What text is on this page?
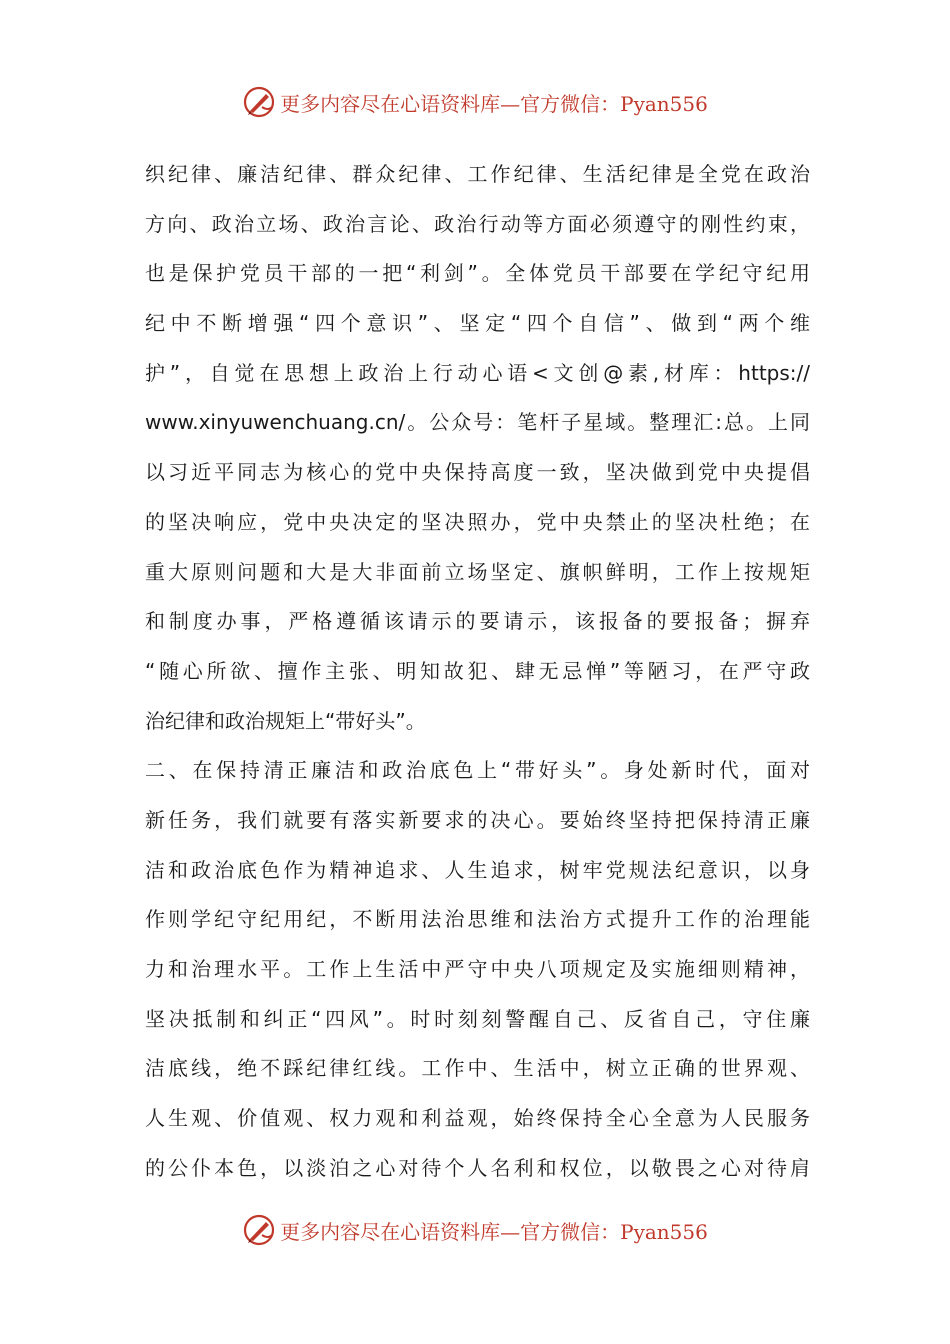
更多内容尽在心语资料库—官方微信：Pyan556
织纪律、廉洁纪律、群众纪律、工作纪律、生活纪律是全党在政治
方向、政治立场、政治言论、政治行动等方面必须遵守的刚性约束，
也是保护党员干部的一把“利剑”。全体党员干部要在学纪守纪用
纪中不断增强“四个意识”、坚定“四个自信”、做到“两个维
护”，自觉在思想上政治上行动心语<文创@素,材库：https://
www.xinyuwenchuang.cn/。公众号：笔杆子星域。整理汇:总。上同
以习近平同志为核心的党中央保持高度一致，坚决做到党中央提倡
的坚决响应，党中央决定的坚决照办，党中央禁止的坚决杜绝；在
重大原则问题和大是大非面前立场坚定、旗帜鲜明，工作上按规矩
和制度办事，严格遵循该请示的要请示，该报备的要报备；摒弃
“随心所欲、擅作主张、明知故犯、肆无忌惮”等陋习，在严守政
治纪律和政治规矩上“带好头”。
二、在保持清正廉洁和政治底色上“带好头”。身处新时代，面对
新任务，我们就要有落实新要求的决心。要始终坚持把保持清正廉
洁和政治底色作为精神追求、人生追求，树牢党规法纪意识，以身
作则学纪守纪用纪，不断用法治思维和法治方式提升工作的治理能
力和治理水平。工作上生活中严守中央八项规定及实施细则精神，
坚决抵制和纠正“四风”。时时刻刻警醒自己、反省自己，守住廉
洁底线，绝不踩纪律红线。工作中、生活中，树立正确的世界观、
人生观、价值观、权力观和利益观，始终保持全心全意为人民服务
的公仆本色，以淡泊之心对待个人名利和权位，以敬畏之心对待肩
更多内容尽在心语资料库—官方微信：Pyan556
